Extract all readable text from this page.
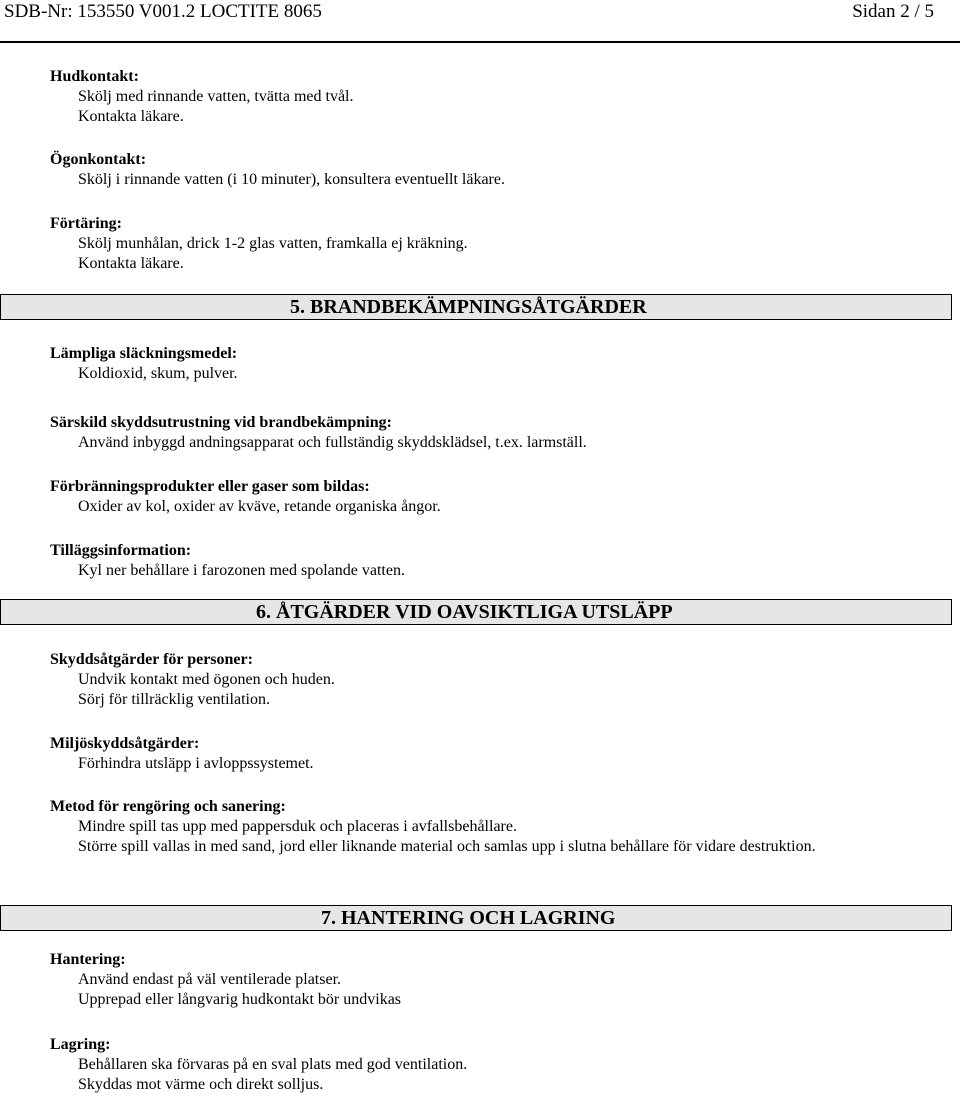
SDB-Nr: 153550 V001.2 LOCTITE 8065	Sidan 2 / 5
Hudkontakt:
Skölj med rinnande vatten, tvätta med tvål.
Kontakta läkare.
Ögonkontakt:
Skölj i rinnande vatten (i 10 minuter), konsultera eventuellt läkare.
Förtäring:
Skölj munhålan, drick 1-2 glas vatten, framkalla ej kräkning.
Kontakta läkare.
5. BRANDBEKÄMPNINGSÅTGÄRDER
Lämpliga släckningsmedel:
Koldioxid, skum, pulver.
Särskild skyddsutrustning vid brandbekämpning:
Använd inbyggd andningsapparat och fullständig skyddsklädsel, t.ex. larmställ.
Förbränningsprodukter eller gaser som bildas:
Oxider av kol, oxider av kväve, retande organiska ångor.
Tilläggsinformation:
Kyl ner behållare i farozonen med spolande vatten.
6. ÅTGÄRDER VID OAVSIKTLIGA UTSLÄPP
Skyddsåtgärder för personer:
Undvik kontakt med ögonen och huden.
Sörj för tillräcklig ventilation.
Miljöskyddsåtgärder:
Förhindra utsläpp i avloppssystemet.
Metod för rengöring och sanering:
Mindre spill tas upp med pappersduk och placeras i avfallsbehållare.
Större spill vallas in med sand, jord eller liknande material och samlas upp i slutna behållare för vidare destruktion.
7. HANTERING OCH LAGRING
Hantering:
Använd endast på väl ventilerade platser.
Upprepad eller långvarig hudkontakt bör undvikas
Lagring:
Behållaren ska förvaras på en sval plats med god ventilation.
Skyddas mot värme och direkt solljus.
